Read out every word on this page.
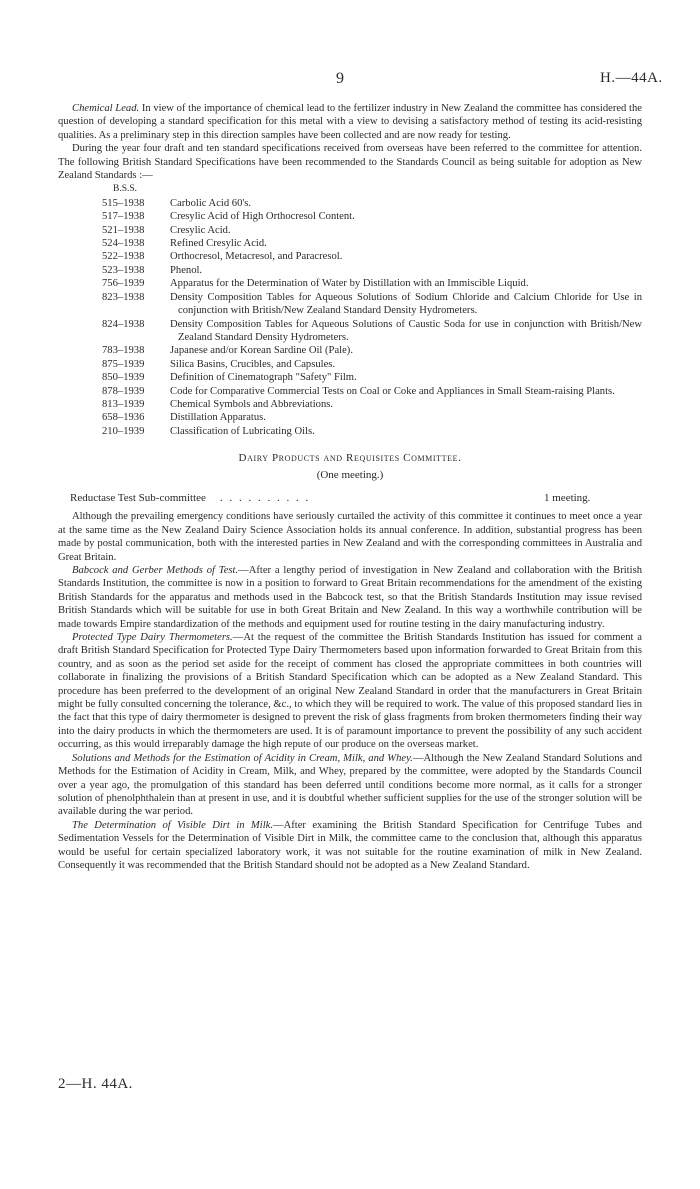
9	H.—44A.

Chemical Lead. In view of the importance of chemical lead to the fertilizer industry in New Zealand the committee has considered the question of developing a standard specification for this metal with a view to devising a satisfactory method of testing its acid-resisting qualities. As a preliminary step in this direction samples have been collected and are now ready for testing.

During the year four draft and ten standard specifications received from overseas have been referred to the committee for attention. The following British Standard Specifications have been recommended to the Standards Council as being suitable for adoption as New Zealand Standards :—

B.S.S.
515–1938	Carbolic Acid 60's.
517–1938	Cresylic Acid of High Orthocresol Content.
521–1938	Cresylic Acid.
524–1938	Refined Cresylic Acid.
522–1938	Orthocresol, Metacresol, and Paracresol.
523–1938	Phenol.
756–1939	Apparatus for the Determination of Water by Distillation with an Immiscible Liquid.
823–1938	Density Composition Tables for Aqueous Solutions of Sodium Chloride and Calcium Chloride for Use in conjunction with British/New Zealand Standard Density Hydrometers.
824–1938	Density Composition Tables for Aqueous Solutions of Caustic Soda for use in conjunction with British/New Zealand Standard Density Hydrometers.
783–1938	Japanese and/or Korean Sardine Oil (Pale).
875–1939	Silica Basins, Crucibles, and Capsules.
850–1939	Definition of Cinematograph "Safety" Film.
878–1939	Code for Comparative Commercial Tests on Coal or Coke and Appliances in Small Steam-raising Plants.
813–1939	Chemical Symbols and Abbreviations.
658–1936	Distillation Apparatus.
210–1939	Classification of Lubricating Oils.
Dairy Products and Requisites Committee.
(One meeting.)
Reductase Test Sub-committee	. . . . . . . . . .	1 meeting.

Although the prevailing emergency conditions have seriously curtailed the activity of this committee it continues to meet once a year at the same time as the New Zealand Dairy Science Association holds its annual conference. In addition, substantial progress has been made by postal communication, both with the interested parties in New Zealand and with the corresponding committees in Australia and Great Britain.

Babcock and Gerber Methods of Test.—After a lengthy period of investigation in New Zealand and collaboration with the British Standards Institution, the committee is now in a position to forward to Great Britain recommendations for the amendment of the existing British Standards for the apparatus and methods used in the Babcock test, so that the British Standards Institution may issue revised British Standards which will be suitable for use in both Great Britain and New Zealand. In this way a worthwhile contribution will be made towards Empire standardization of the methods and equipment used for routine testing in the dairy manufacturing industry.

Protected Type Dairy Thermometers.—At the request of the committee the British Standards Institution has issued for comment a draft British Standard Specification for Protected Type Dairy Thermometers based upon information forwarded to Great Britain from this country, and as soon as the period set aside for the receipt of comment has closed the appropriate committees in both countries will collaborate in finalizing the provisions of a British Standard Specification which can be adopted as a New Zealand Standard. This procedure has been preferred to the development of an original New Zealand Standard in order that the manufacturers in Great Britain might be fully consulted concerning the tolerance, &c., to which they will be required to work. The value of this proposed standard lies in the fact that this type of dairy thermometer is designed to prevent the risk of glass fragments from broken thermometers finding their way into the dairy products in which the thermometers are used. It is of paramount importance to prevent the possibility of any such accident occurring, as this would irreparably damage the high repute of our produce on the overseas market.

Solutions and Methods for the Estimation of Acidity in Cream, Milk, and Whey.—Although the New Zealand Standard Solutions and Methods for the Estimation of Acidity in Cream, Milk, and Whey, prepared by the committee, were adopted by the Standards Council over a year ago, the promulgation of this standard has been deferred until conditions become more normal, as it calls for a stronger solution of phenolphthalein than at present in use, and it is doubtful whether sufficient supplies for the use of the stronger solution will be available during the war period.

The Determination of Visible Dirt in Milk.—After examining the British Standard Specification for Centrifuge Tubes and Sedimentation Vessels for the Determination of Visible Dirt in Milk, the committee came to the conclusion that, although this apparatus would be useful for certain specialized laboratory work, it was not suitable for the routine examination of milk in New Zealand. Consequently it was recommended that the British Standard should not be adopted as a New Zealand Standard.

2—H. 44A.
